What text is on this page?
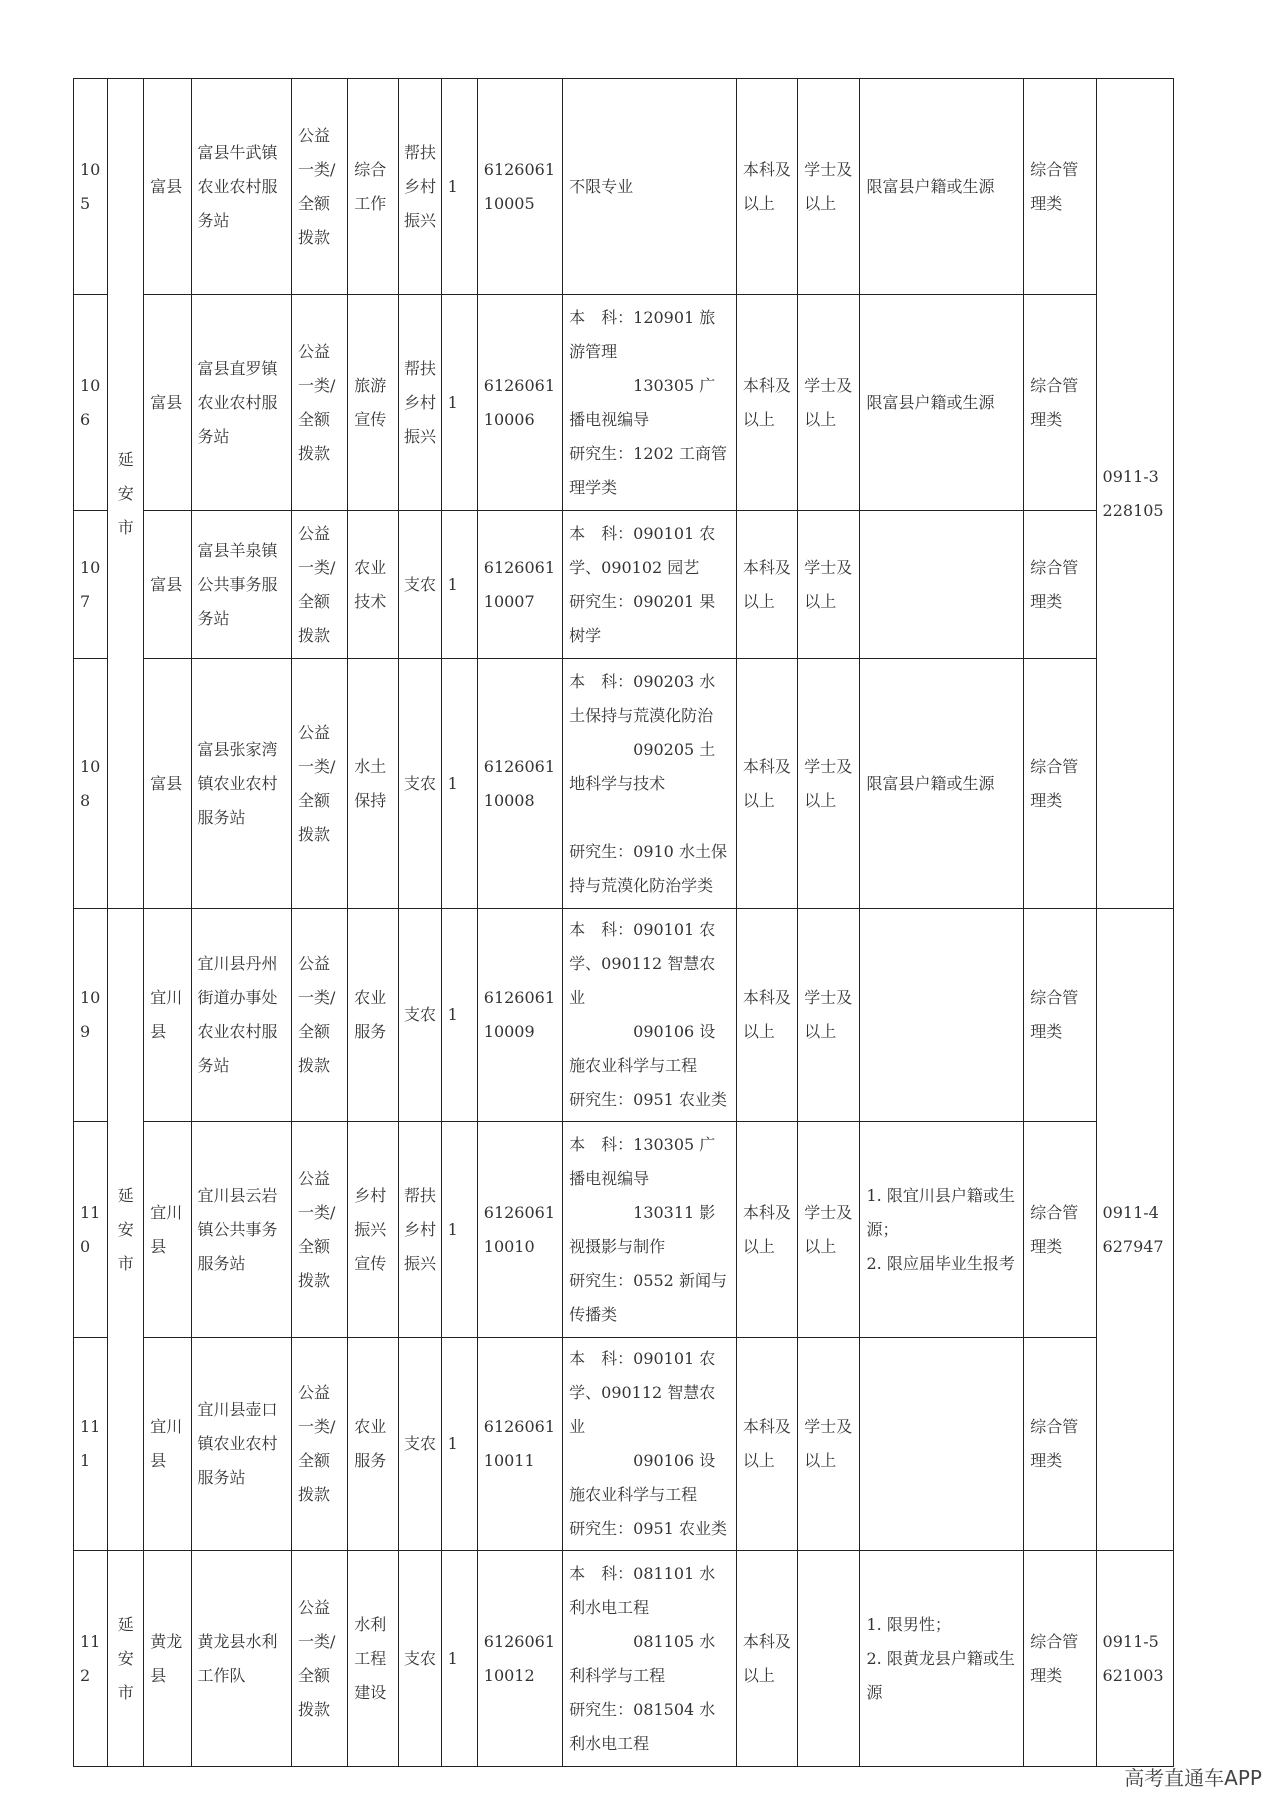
105	延安市	富县	富县牛武镇农业农村服务站	公益一类/全额拨款	综合工作	帮扶乡村振兴	1	612606110005	不限专业	本科及以上	学士及以上	限富县户籍或生源	综合管理类	0911-3228105
106		富县	富县直罗镇农业农村服务站	公益一类/全额拨款	旅游宣传	帮扶乡村振兴	1	612606110006	本　科：120901 旅游管理
　　　　130305 广播电视编导
研究生：1202 工商管理学类	本科及以上	学士及以上	限富县户籍或生源	综合管理类	
107		富县	富县羊泉镇公共事务服务站	公益一类/全额拨款	农业技术	支农	1	612606110007	本　科：090101 农学、090102 园艺
研究生：090201 果树学	本科及以上	学士及以上		综合管理类	
108		富县	富县张家湾镇农业农村服务站	公益一类/全额拨款	水土保持	支农	1	612606110008	本　科：090203 水土保持与荒漠化防治
　　　　090205 土地科学与技术

研究生：0910 水土保持与荒漠化防治学类	本科及以上	学士及以上	限富县户籍或生源	综合管理类	
109	延安市	宜川县	宜川县丹州街道办事处农业农村服务站	公益一类/全额拨款	农业服务	支农	1	612606110009	本　科：090101 农学、090112 智慧农业
　　　　090106 设施农业科学与工程
研究生：0951 农业类	本科及以上	学士及以上		综合管理类	0911-4627947
110		宜川县	宜川县云岩镇公共事务服务站	公益一类/全额拨款	乡村振兴宣传	帮扶乡村振兴	1	612606110010	本　科：130305 广播电视编导
　　　　130311 影视摄影与制作
研究生：0552 新闻与传播类	本科及以上	学士及以上	1. 限宜川县户籍或生源；
2. 限应届毕业生报考	综合管理类	
111		宜川县	宜川县壶口镇农业农村服务站	公益一类/全额拨款	农业服务	支农	1	612606110011	本　科：090101 农学、090112 智慧农业
　　　　090106 设施农业科学与工程
研究生：0951 农业类	本科及以上	学士及以上		综合管理类	
112	延安市	黄龙县	黄龙县水利工作队	公益一类/全额拨款	水利工程建设	支农	1	612606110012	本　科：081101 水利水电工程
　　　　081105 水利科学与工程
研究生：081504 水利水电工程	本科及以上		1. 限男性；
2. 限黄龙县户籍或生源	综合管理类	0911-5621003
高考直通车APP
